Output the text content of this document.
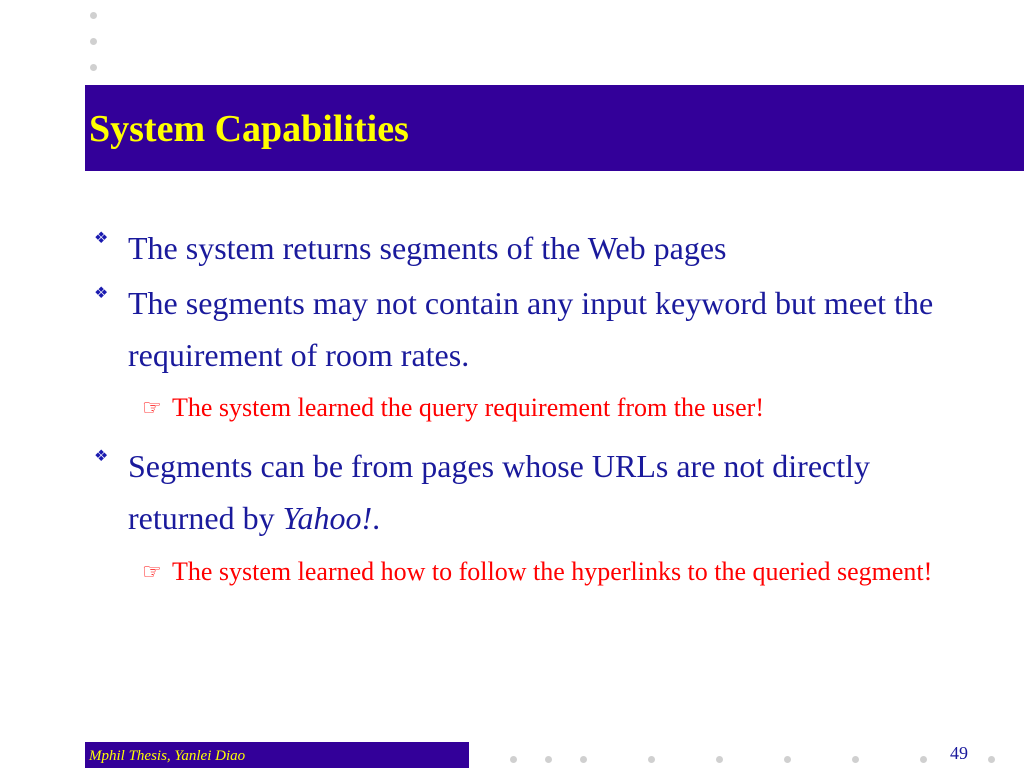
System Capabilities
❖ The system returns segments of the Web pages
❖ The segments may not contain any input keyword but meet the requirement of room rates.
☞ The system learned the query requirement from the user!
❖ Segments can be from pages whose URLs are not directly returned by Yahoo!.
☞ The system learned how to follow the hyperlinks to the queried segment!
Mphil Thesis, Yanlei Diao	49
